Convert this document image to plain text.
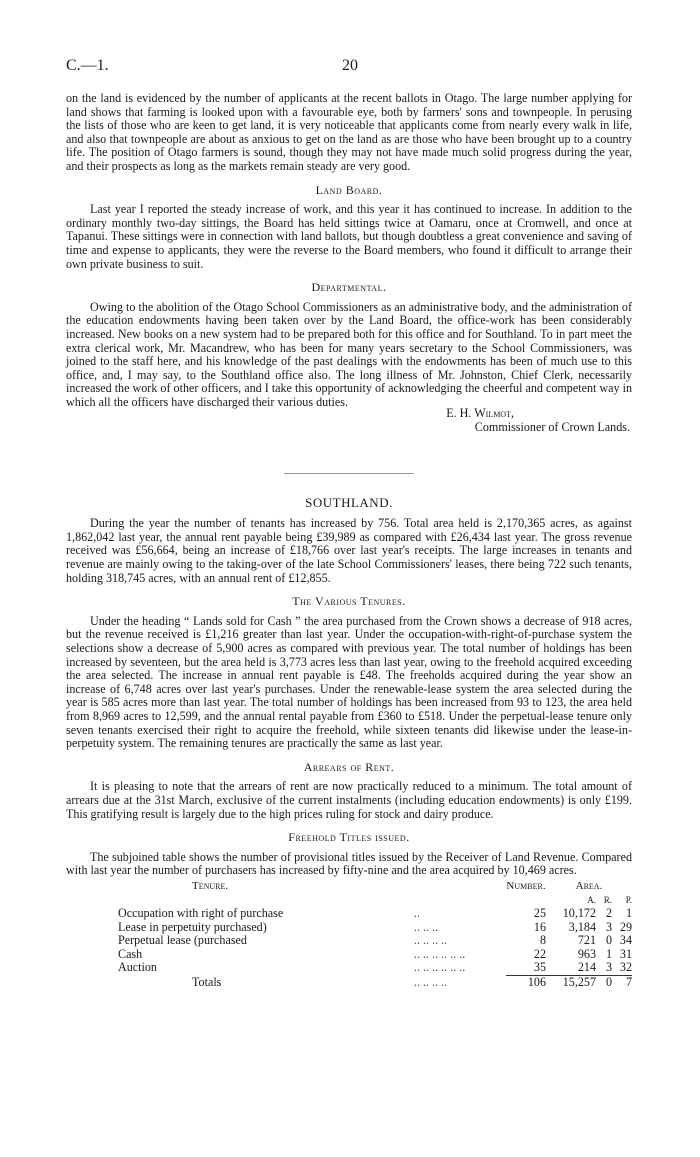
C.—1.	20

on the land is evidenced by the number of applicants at the recent ballots in Otago. The large number applying for land shows that farming is looked upon with a favourable eye, both by farmers' sons and townpeople. In perusing the lists of those who are keen to get land, it is very noticeable that applicants come from nearly every walk in life, and also that townpeople are about as anxious to get on the land as are those who have been brought up to a country life. The position of Otago farmers is sound, though they may not have made much solid progress during the year, and their prospects as long as the markets remain steady are very good.

Land Board.

Last year I reported the steady increase of work, and this year it has continued to increase. In addition to the ordinary monthly two-day sittings, the Board has held sittings twice at Oamaru, once at Cromwell, and once at Tapanui. These sittings were in connection with land ballots, but though doubtless a great convenience and saving of time and expense to applicants, they were the reverse to the Board members, who found it difficult to arrange their own private business to suit.

Departmental.

Owing to the abolition of the Otago School Commissioners as an administrative body, and the administration of the education endowments having been taken over by the Land Board, the office-work has been considerably increased. New books on a new system had to be prepared both for this office and for Southland. To in part meet the extra clerical work, Mr. Macandrew, who has been for many years secretary to the School Commissioners, was joined to the staff here, and his knowledge of the past dealings with the endowments has been of much use to this office, and, I may say, to the Southland office also. The long illness of Mr. Johnston, Chief Clerk, necessarily increased the work of other officers, and I take this opportunity of acknowledging the cheerful and competent way in which all the officers have discharged their various duties.

E. H. Wilmot,
Commissioner of Crown Lands.
SOUTHLAND.

During the year the number of tenants has increased by 756. Total area held is 2,170,365 acres, as against 1,862,042 last year, the annual rent payable being £39,989 as compared with £26,434 last year. The gross revenue received was £56,664, being an increase of £18,766 over last year's receipts. The large increases in tenants and revenue are mainly owing to the taking-over of the late School Commissioners' leases, there being 722 such tenants, holding 318,745 acres, with an annual rent of £12,855.

The Various Tenures.

Under the heading “ Lands sold for Cash ” the area purchased from the Crown shows a decrease of 918 acres, but the revenue received is £1,216 greater than last year. Under the occupation-with-right-of-purchase system the selections show a decrease of 5,900 acres as compared with previous year. The total number of holdings has been increased by seventeen, but the area held is 3,773 acres less than last year, owing to the freehold acquired exceeding the area selected. The increase in annual rent payable is £48. The freeholds acquired during the year show an increase of 6,748 acres over last year's purchases. Under the renewable-lease system the area selected during the year is 585 acres more than last year. The total number of holdings has been increased from 93 to 123, the area held from 8,969 acres to 12,599, and the annual rental payable from £360 to £518. Under the perpetual-lease tenure only seven tenants exercised their right to acquire the freehold, while sixteen tenants did likewise under the lease-in-perpetuity system. The remaining tenures are practically the same as last year.

Arrears of Rent.

It is pleasing to note that the arrears of rent are now practically reduced to a minimum. The total amount of arrears due at the 31st March, exclusive of the current instalments (including education endowments) is only £199. This gratifying result is largely due to the high prices ruling for stock and dairy produce.

Freehold Titles issued.

The subjoined table shows the number of provisional titles issued by the Receiver of Land Revenue. Compared with last year the number of purchasers has increased by fifty-nine and the area acquired by 10,469 acres.

Tenure.		Number.	Area.		
			A.	R.	P.
Occupation with right of purchase	..	25	10,172	2	1
Lease in perpetuity purchased)	.. .. ..	16	3,184	3	29
Perpetual lease (purchased	.. .. .. ..	8	721	0	34
Cash	.. .. .. .. .. ..	22	963	1	31
Auction	.. .. .. .. .. ..	35	214	3	32
Totals	.. .. .. ..	106	15,257	0	7
